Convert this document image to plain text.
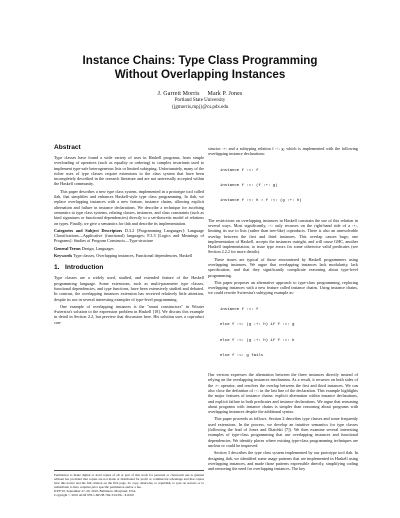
Instance Chains: Type Class Programming
Without Overlapping Instances
J. Garrett Morris     Mark P. Jones
Portland State University
{jgmorris,mpj}@cs.pdx.edu
Abstract

Type classes have found a wide variety of uses in Haskell programs, from simple overloading of operators (such as equality or ordering) to complex invariants used to implement type-safe heterogeneous lists or limited subtyping. Unfortunately, many of the richer uses of type classes require extensions to the class system that have been incompletely described in the research literature and are not universally accepted within the Haskell community.

This paper describes a new type class system, implemented in a prototype tool called ilab, that simplifies and enhances Haskell-style type class programming. In ilab, we replace overlapping instances with a new feature, instance chains, allowing explicit alternation and failure in instance declarations. We describe a technique for ascribing semantics to type class systems, relating classes, instances, and class constraints (such as kind signatures or functional dependencies) directly to a set-theoretic model of relations on types. Finally, we give a semantics for ilab and describe its implementation.

Categories and Subject Descriptors D.3.2 [Programming Languages]: Language Classifications—Applicative (functional) languages; F.3.3 [Logics and Meanings of Programs]: Studies of Program Constructs—Type structure

General Terms Design, Languages

Keywords Type classes, Overlapping instances, Functional dependencies, Haskell

1.   Introduction

Type classes are a widely used, studied, and extended feature of the Haskell programming language. Some extensions, such as multi-parameter type classes, functional dependencies, and type functions, have been extensively studied and debated. In contrast, the overlapping instances extension has received relatively little attention, despite its use in several interesting examples of type-level programming.

One example of overlapping instances is the "smart constructors" in Wouter Swierstra's solution to the expression problem in Haskell [18]. We discuss this example in detail in Section 2.2, but preview that discussion here. His solution uses a coproduct con-

Permission to make digital or hard copies of all or part of this work for personal or classroom use is granted without fee provided that copies are not made or distributed for profit or commercial advantage and that copies bear this notice and the full citation on the first page. To copy otherwise, to republish, to post on servers or to redistribute to lists, requires prior specific permission and/or a fee.

ICFP'10, September 27–29, 2010, Baltimore, Maryland, USA.

Copyright © 2010 ACM 978-1-60558-794-3/10/09... $10.00

structor :+: and a subtyping relation f :<: g, which is implemented with the following overlapping instance declarations:

instance f :<: f

instance f :<: (f :+: g)

instance f :<: h ⇒ f :<: (g :+: h)

The restrictions on overlapping instances in Haskell constrain the use of this relation in several ways. Most significantly, :<: only recurses on the right-hand side of a :+:, limiting its use to lists (rather than tree-like) coproducts. There is also an unresolvable overlap between the first and third instances. This overlap causes bugs; one implementation of Haskell, accepts the instances outright, and will cause GHC, another Haskell implementation, to issue type errors for some otherwise valid predicates (see Section 2.2.2 for more details).

These issues are typical of those encountered by Haskell programmers using overlapping instances. We argue that overlapping instances lack modularity, lack specification, and that they significantly complicate reasoning about type-level programming.

This paper proposes an alternative approach to type-class programming, replacing overlapping instances with a new feature called instance chains. Using instance chains, we could rewrite Swierstra's subtyping example as:

instance f :<: f

else f :<: (g :+: h) if f :<: g

else f :<: (g :+: h) if f :<: h

else f :<: g fails

Our version expresses the alternation between the three instances directly instead of relying on the overlapping instances mechanism. As a result, it recurses on both sides of the :+: operator, and resolves the overlap between the first and third instances. We can also close the definition of :<: in the last line of the declaration. This example highlights the major features of instance chains: explicit alternation within instance declarations, and explicit failure in both predicates and instance declarations. We argue that reasoning about programs with instance chains is simpler than reasoning about programs with overlapping instances despite the additional syntax.

This paper proceeds as follows. Section 2 describes type classes and some frequently used extensions. In the process, we develop an intuitive semantics for type classes (following the lead of Jones and Diatchki [7]). We then examine several interesting examples of type-class programming that use overlapping instances and functional dependencies. We identify places where existing type-class programming techniques are unclear or could be improved.

Section 3 describes the type class system implemented by our prototype tool ilab. In designing ilab, we identified some usage patterns that are implemented in Haskell using overlapping instances, and made those patterns expressible directly, simplifying coding and removing the need for overlapping instances. The key
